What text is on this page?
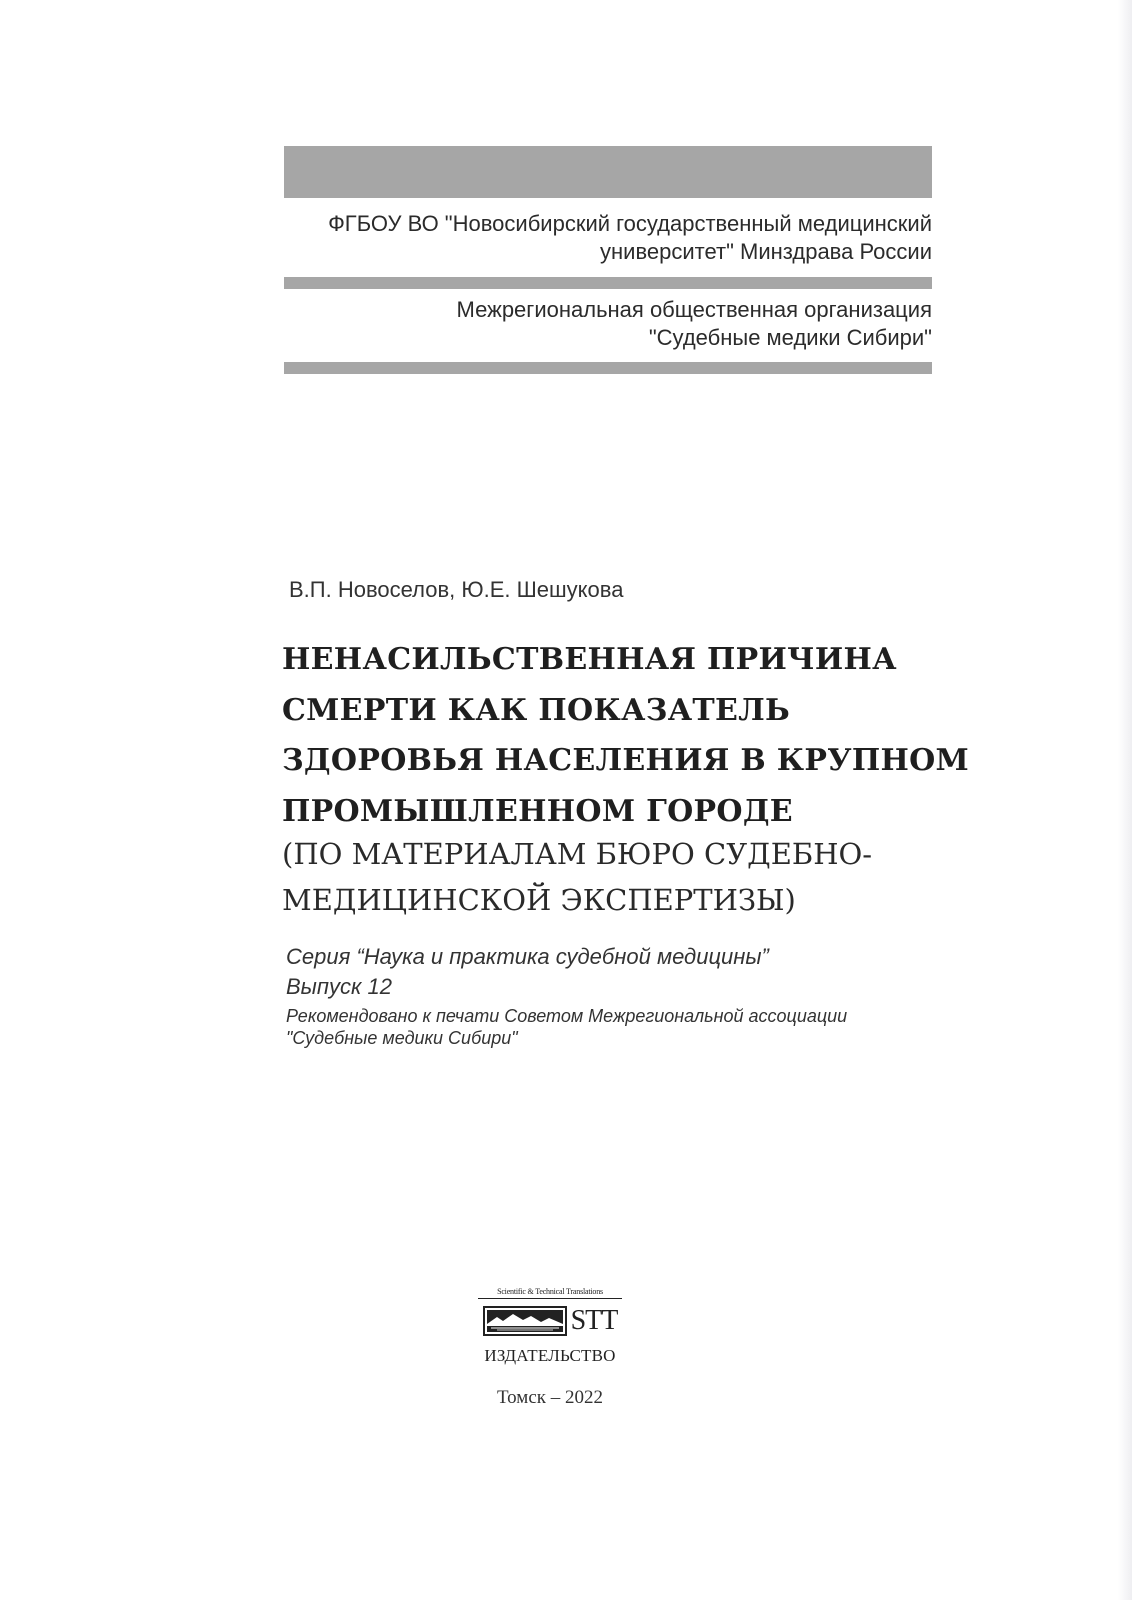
ФГБОУ ВО "Новосибирский государственный медицинский
университет" Минздрава России
Межрегиональная общественная организация
"Судебные медики Сибири"
В.П. Новоселов, Ю.Е. Шешукова
НЕНАСИЛЬСТВЕННАЯ ПРИЧИНА
СМЕРТИ КАК ПОКАЗАТЕЛЬ
ЗДОРОВЬЯ НАСЕЛЕНИЯ В КРУПНОМ
ПРОМЫШЛЕННОМ ГОРОДЕ
(ПО МАТЕРИАЛАМ БЮРО СУДЕБНО-
МЕДИЦИНСКОЙ ЭКСПЕРТИЗЫ)
Серия “Наука и практика судебной медицины”
Выпуск 12
Рекомендовано к печати Советом Межрегиональной ассоциации
"Судебные медики Сибири"
Scientific & Technical Translations
STT
ИЗДАТЕЛЬСТВО
Томск – 2022
